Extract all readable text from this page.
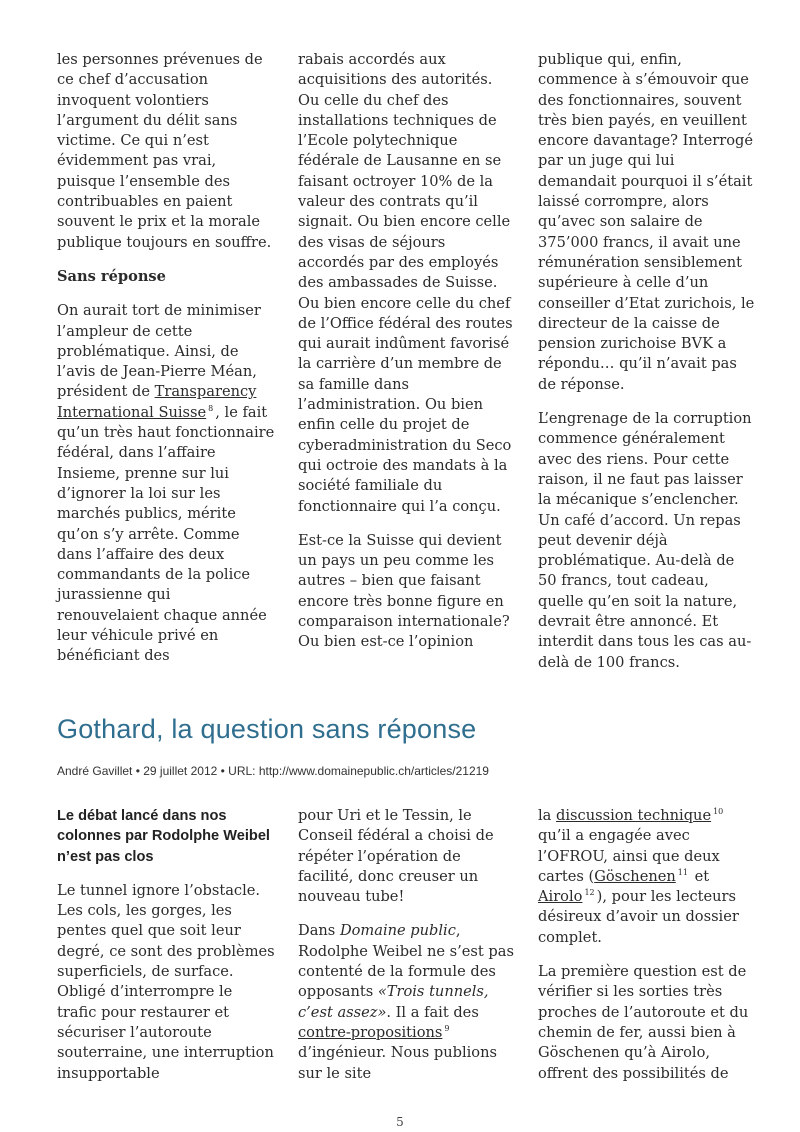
les personnes prévenues de ce chef d’accusation invoquent volontiers l’argument du délit sans victime. Ce qui n’est évidemment pas vrai, puisque l’ensemble des contribuables en paient souvent le prix et la morale publique toujours en souffre.

Sans réponse

On aurait tort de minimiser l’ampleur de cette problématique. Ainsi, de l’avis de Jean-Pierre Méan, président de Transparency International Suisse $^8$ , le fait qu’un très haut fonctionnaire fédéral, dans l’affaire Insieme, prenne sur lui d’ignorer la loi sur les marchés publics, mérite qu’on s’y arrête. Comme dans l’affaire des deux commandants de la police jurassienne qui renouvelaient chaque année leur véhicule privé en bénéficiant des

rabais accordés aux acquisitions des autorités. Ou celle du chef des installations techniques de l’Ecole polytechnique fédérale de Lausanne en se faisant octroyer 10% de la valeur des contrats qu’il signait. Ou bien encore celle des visas de séjours accordés par des employés des ambassades de Suisse. Ou bien encore celle du chef de l’Office fédéral des routes qui aurait indûment favorisé la carrière d’un membre de sa famille dans l’administration. Ou bien enfin celle du projet de cyberadministration du Seco qui octroie des mandats à la société familiale du fonctionnaire qui l’a conçu.

Est-ce la Suisse qui devient un pays un peu comme les autres – bien que faisant encore très bonne figure en comparaison internationale? Ou bien est-ce l’opinion

publique qui, enfin, commence à s’émouvoir que des fonctionnaires, souvent très bien payés, en veuillent encore davantage? Interrogé par un juge qui lui demandait pourquoi il s’était laissé corrompre, alors qu’avec son salaire de 375’000 francs, il avait une rémunération sensiblement supérieure à celle d’un conseiller d’Etat zurichois, le directeur de la caisse de pension zurichoise BVK a répondu… qu’il n’avait pas de réponse.

L’engrenage de la corruption commence généralement avec des riens. Pour cette raison, il ne faut pas laisser la mécanique s’enclencher. Un café d’accord. Un repas peut devenir déjà problématique. Au-delà de 50 francs, tout cadeau, quelle qu’en soit la nature, devrait être annoncé. Et interdit dans tous les cas au-delà de 100 francs.

Gothard, la question sans réponse
André Gavillet • 29 juillet 2012 • URL: http://www.domainepublic.ch/articles/21219

Le débat lancé dans nos colonnes par Rodolphe Weibel n’est pas clos

Le tunnel ignore l’obstacle. Les cols, les gorges, les pentes quel que soit leur degré, ce sont des problèmes superficiels, de surface. Obligé d’interrompre le trafic pour restaurer et sécuriser l’autoroute souterraine, une interruption insupportable

pour Uri et le Tessin, le Conseil fédéral a choisi de répéter l’opération de facilité, donc creuser un nouveau tube!

Dans Domaine public, Rodolphe Weibel ne s’est pas contenté de la formule des opposants «Trois tunnels, c’est assez». Il a fait des contre-propositions $^9$ d’ingénieur. Nous publions sur le site

la discussion technique $^{10}$ qu’il a engagée avec l’OFROU, ainsi que deux cartes (Göschenen $^{11}$ et Airolo $^{12}$ ), pour les lecteurs désireux d’avoir un dossier complet.

La première question est de vérifier si les sorties très proches de l’autoroute et du chemin de fer, aussi bien à Göschenen qu’à Airolo, offrent des possibilités de

5
